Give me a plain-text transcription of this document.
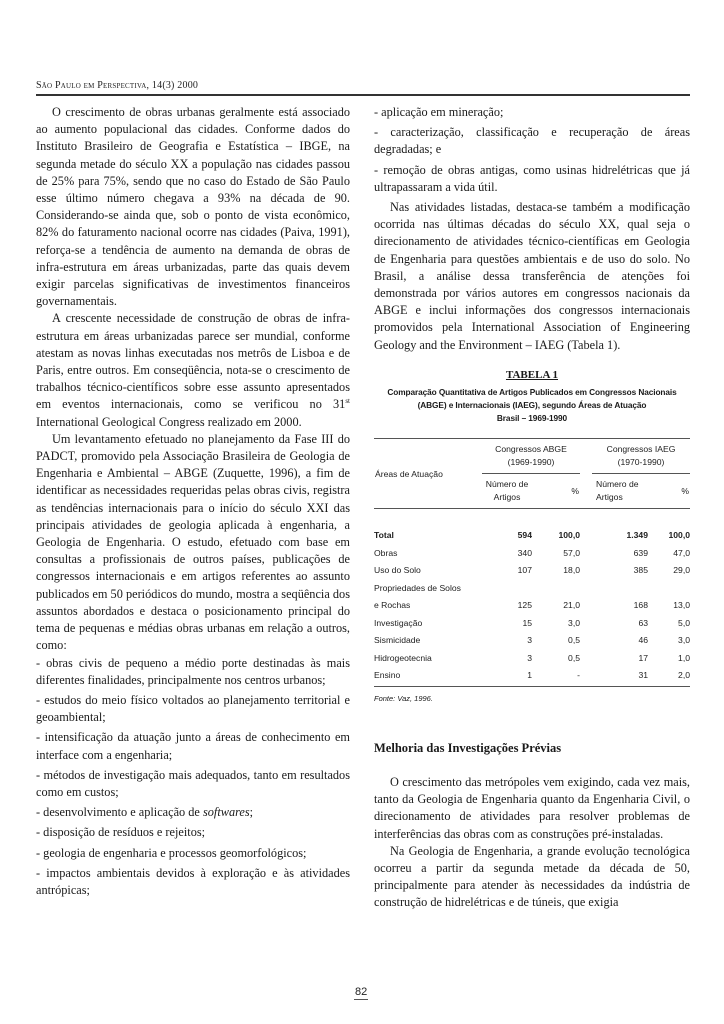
São Paulo em Perspectiva, 14(3) 2000

O crescimento de obras urbanas geralmente está associado ao aumento populacional das cidades. Conforme dados do Instituto Brasileiro de Geografia e Estatística – IBGE, na segunda metade do século XX a população nas cidades passou de 25% para 75%, sendo que no caso do Estado de São Paulo esse último número chegava a 93% na década de 90. Considerando-se ainda que, sob o ponto de vista econômico, 82% do faturamento nacional ocorre nas cidades (Paiva, 1991), reforça-se a tendência de aumento na demanda de obras de infra-estrutura em áreas urbanizadas, parte das quais devem exigir parcelas significativas de investimentos financeiros governamentais.

A crescente necessidade de construção de obras de infra-estrutura em áreas urbanizadas parece ser mundial, conforme atestam as novas linhas executadas nos metrôs de Lisboa e de Paris, entre outros. Em conseqüência, nota-se o crescimento de trabalhos técnico-científicos sobre esse assunto apresentados em eventos internacionais, como se verificou no 31st International Geological Congress realizado em 2000.

Um levantamento efetuado no planejamento da Fase III do PADCT, promovido pela Associação Brasileira de Geologia de Engenharia e Ambiental – ABGE (Zuquette, 1996), a fim de identificar as necessidades requeridas pelas obras civis, registra as tendências internacionais para o início do século XXI das principais atividades de geologia aplicada à engenharia, a Geologia de Engenharia. O estudo, efetuado com base em consultas a profissionais de outros países, publicações de congressos internacionais e em artigos referentes ao assunto publicados em 50 periódicos do mundo, mostra a seqüência dos assuntos abordados e destaca o posicionamento principal do tema de pequenas e médias obras urbanas em relação a outros, como:

- obras civis de pequeno a médio porte destinadas às mais diferentes finalidades, principalmente nos centros urbanos;

- estudos do meio físico voltados ao planejamento territorial e geoambiental;

- intensificação da atuação junto a áreas de conhecimento em interface com a engenharia;

- métodos de investigação mais adequados, tanto em resultados como em custos;

- desenvolvimento e aplicação de softwares;

- disposição de resíduos e rejeitos;

- geologia de engenharia e processos geomorfológicos;

- impactos ambientais devidos à exploração e às atividades antrópicas;

- aplicação em mineração;

- caracterização, classificação e recuperação de áreas degradadas; e

- remoção de obras antigas, como usinas hidrelétricas que já ultrapassaram a vida útil.

Nas atividades listadas, destaca-se também a modificação ocorrida nas últimas décadas do século XX, qual seja o direcionamento de atividades técnico-científicas em Geologia de Engenharia para questões ambientais e de uso do solo. No Brasil, a análise dessa transferência de atenções foi demonstrada por vários autores em congressos nacionais da ABGE e inclui informações dos congressos internacionais promovidos pela International Association of Engineering Geology and the Environment – IAEG (Tabela 1).

TABELA 1
Comparação Quantitativa de Artigos Publicados em Congressos Nacionais
(ABGE) e Internacionais (IAEG), segundo Áreas de Atuação
Brasil – 1969-1990
Áreas de Atuação	
Congressos ABGE
(1969-1990)

Congressos IAEG
(1970-1990)

Número de
Artigos
	%		
Número de
Artigos
	%
Total	594	100,0		1.349	100,0
Obras	340	57,0		639	47,0
Uso do Solo	107	18,0		385	29,0
Propriedades de Solos					
e Rochas	125	21,0		168	13,0
Investigação	15	3,0		63	5,0
Sismicidade	3	0,5		46	3,0
Hidrogeotecnia	3	0,5		17	1,0
Ensino	1	-		31	2,0
Fonte: Vaz, 1996.
Melhoria das Investigações Prévias

O crescimento das metrópoles vem exigindo, cada vez mais, tanto da Geologia de Engenharia quanto da Engenharia Civil, o direcionamento de atividades para resolver problemas de interferências das obras com as construções pré-instaladas.

Na Geologia de Engenharia, a grande evolução tecnológica ocorreu a partir da segunda metade da década de 50, principalmente para atender às necessidades da indústria de construção de hidrelétricas e de túneis, que exigia

82
